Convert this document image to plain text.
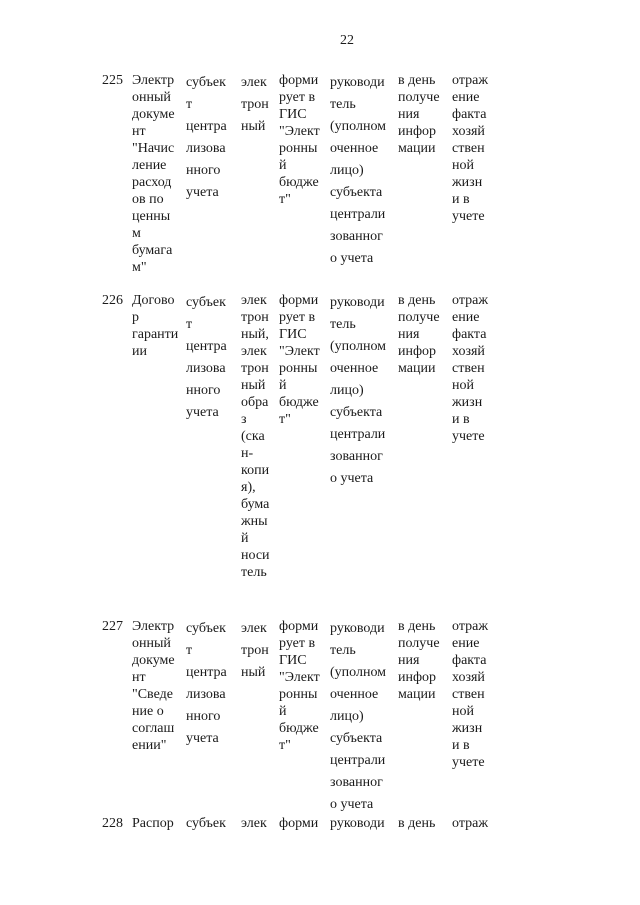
22
225 Электр
онный
докуме
нт
"Начис
ление
расход
ов по
ценны
м
бумага
м"
субъек
т
центра
лизова
нного
учета
элек
трон
ный
форми
рует в
ГИС
"Элект
ронны
й
бюдже
т"
руководи
тель
(уполном
оченное
лицо)
субъекта
централи
зованног
о учета
в день
получе
ния
инфор
мации
отраж
ение
факта
хозяй
ствен
ной
жизн
и в
учете
226 Догово
р
гаранти
ии
субъек
т
центра
лизова
нного
учета
элек
трон
ный,
элек
трон
ный
обра
з
(ска
н-
копи
я),
бума
жны
й
носи
тель
форми
рует в
ГИС
"Элект
ронны
й
бюдже
т"
руководи
тель
(уполном
оченное
лицо)
субъекта
централи
зованног
о учета
в день
получе
ния
инфор
мации
отраж
ение
факта
хозяй
ствен
ной
жизн
и в
учете
227 Электр
онный
докуме
нт
"Сведе
ние о
соглаш
ении"
субъек
т
центра
лизова
нного
учета
элек
трон
ный
форми
рует в
ГИС
"Элект
ронны
й
бюдже
т"
руководи
тель
(уполном
оченное
лицо)
субъекта
централи
зованног
о учета
в день
получе
ния
инфор
мации
отраж
ение
факта
хозяй
ствен
ной
жизн
и в
учете
228 Распор субъек элек форми руководи в день отраж
